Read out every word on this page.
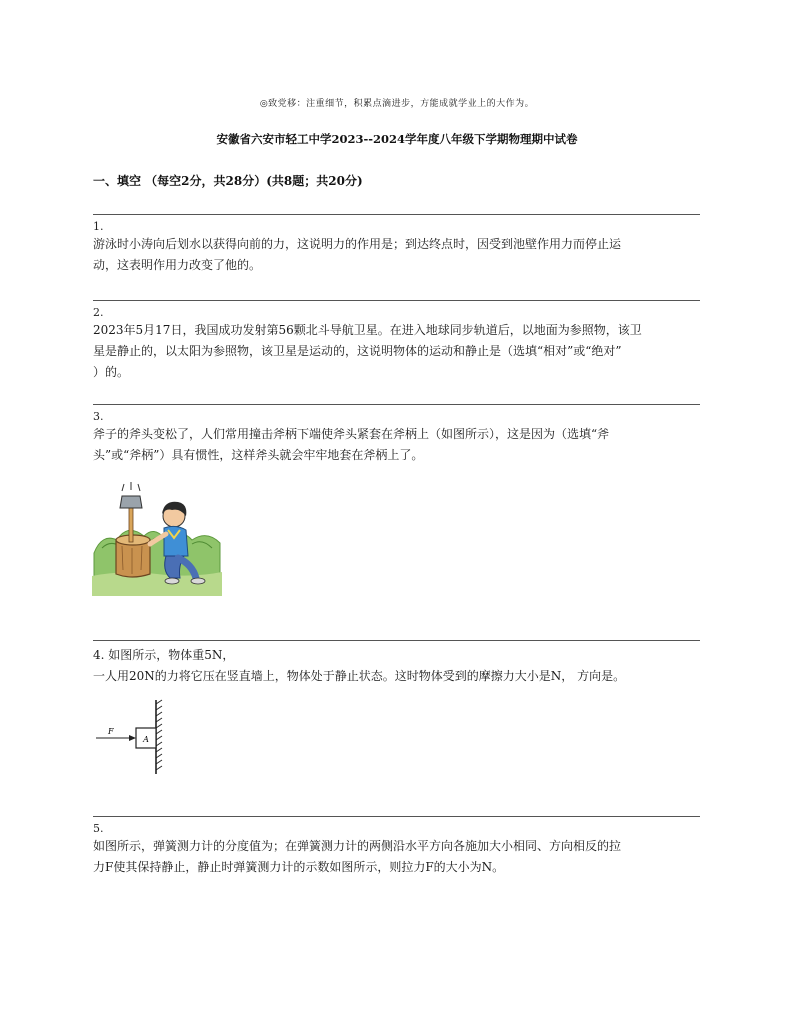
◎致党移：注重细节，积累点滴进步，方能成就学业上的大作为。
安徽省六安市轻工中学2023--2024学年度八年级下学期物理期中试卷
一、填空 （每空2分，共28分）(共8题；共20分)
1.
游泳时小涛向后划水以获得向前的力，这说明力的作用是；到达终点时，因受到池壁作用力而停止运
动，这表明作用力改变了他的。
2.
2023年5月17日，我国成功发射第56颗北斗导航卫星。在进入地球同步轨道后，以地面为参照物，该卫
星是静止的，以太阳为参照物，该卫星是运动的，这说明物体的运动和静止是（选填“相对”或“绝对”
）的。
3.
斧子的斧头变松了，人们常用撞击斧柄下端使斧头紧套在斧柄上（如图所示），这是因为（选填“斧
头”或“斧柄”）具有惯性，这样斧头就会牢牢地套在斧柄上了。
4. 如图所示，物体重5N，
一人用20N的力将它压在竖直墙上，物体处于静止状态。这时物体受到的摩擦力大小是N， 方向是。
A
F
5.
如图所示，弹簧测力计的分度值为；在弹簧测力计的两侧沿水平方向各施加大小相同、方向相反的拉
力F使其保持静止，静止时弹簧测力计的示数如图所示，则拉力F的大小为N。
